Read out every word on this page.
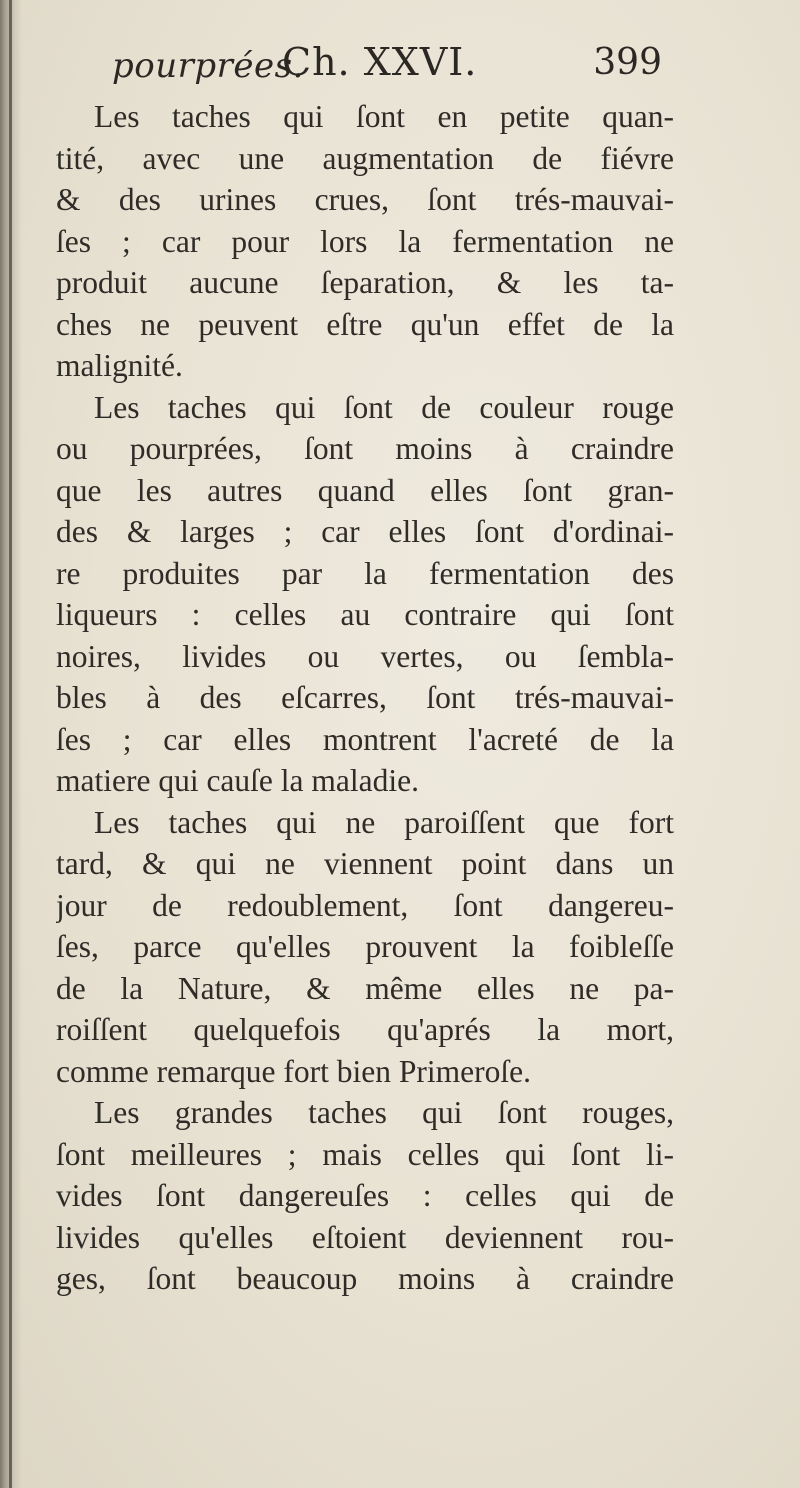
pourprées.
Ch. XXVI.	399
Les taches qui ſont en petite quan-
tité, avec une augmentation de fiévre
& des urines crues, ſont trés-mauvai-
ſes ; car pour lors la fermentation ne
produit aucune ſeparation, & les ta-
ches ne peuvent eſtre qu'un effet de la
malignité.
Les taches qui ſont de couleur rouge
ou pourprées, ſont moins à craindre
que les autres quand elles ſont gran-
des & larges ; car elles ſont d'ordinai-
re produites par la fermentation des
liqueurs : celles au contraire qui ſont
noires, livides ou vertes, ou ſembla-
bles à des eſcarres, ſont trés-mauvai-
ſes ; car elles montrent l'acreté de la
matiere qui cauſe la maladie.
Les taches qui ne paroiſſent que fort
tard, & qui ne viennent point dans un
jour de redoublement, ſont dangereu-
ſes, parce qu'elles prouvent la foibleſſe
de la Nature, & même elles ne pa-
roiſſent quelquefois qu'aprés la mort,
comme remarque fort bien Primeroſe.
Les grandes taches qui ſont rouges,
ſont meilleures ; mais celles qui ſont li-
vides ſont dangereuſes : celles qui de
livides qu'elles eſtoient deviennent rou-
ges, ſont beaucoup moins à craindre
